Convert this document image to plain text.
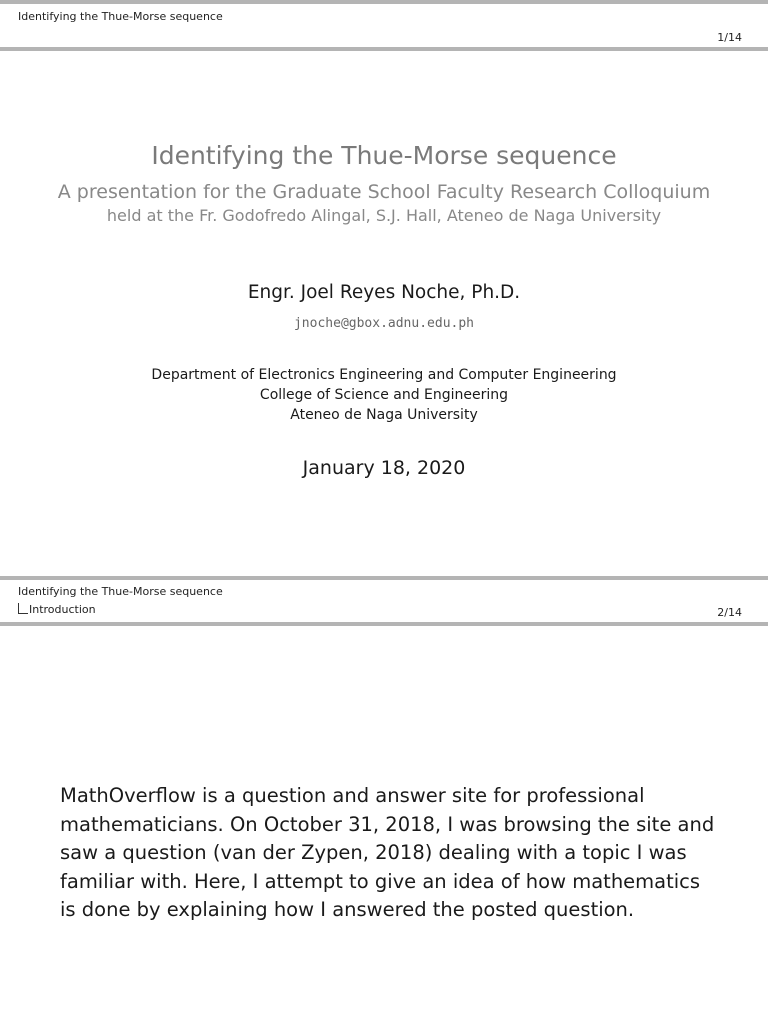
Identifying the Thue-Morse sequence
1/14
Identifying the Thue-Morse sequence
A presentation for the Graduate School Faculty Research Colloquium
held at the Fr. Godofredo Alingal, S.J. Hall, Ateneo de Naga University
Engr. Joel Reyes Noche, Ph.D.
jnoche@gbox.adnu.edu.ph
Department of Electronics Engineering and Computer Engineering
College of Science and Engineering
Ateneo de Naga University
January 18, 2020
Identifying the Thue-Morse sequence
Introduction	2/14
MathOverflow is a question and answer site for professional
mathematicians. On October 31, 2018, I was browsing the site and
saw a question (van der Zypen, 2018) dealing with a topic I was
familiar with. Here, I attempt to give an idea of how mathematics
is done by explaining how I answered the posted question.
